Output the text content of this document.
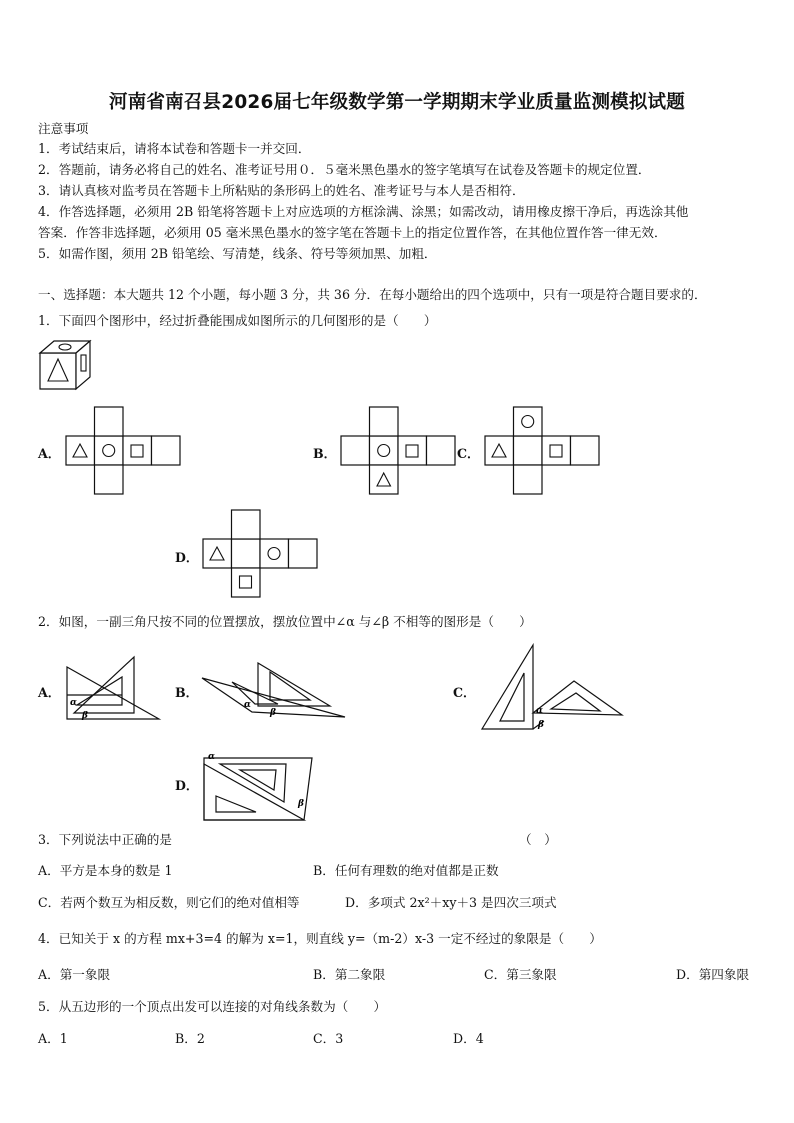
河南省南召县2026届七年级数学第一学期期末学业质量监测模拟试题
注意事项
1．考试结束后，请将本试卷和答题卡一并交回．
2．答题前，请务必将自己的姓名、准考证号用０．５毫米黑色墨水的签字笔填写在试卷及答题卡的规定位置．
3．请认真核对监考员在答题卡上所粘贴的条形码上的姓名、准考证号与本人是否相符．
4．作答选择题，必须用 2B 铅笔将答题卡上对应选项的方框涂满、涂黑；如需改动，请用橡皮擦干净后，再选涂其他
答案．作答非选择题，必须用 05 毫米黑色墨水的签字笔在答题卡上的指定位置作答，在其他位置作答一律无效．
5．如需作图，须用 2B 铅笔绘、写清楚，线条、符号等须加黑、加粗．
一、选择题：本大题共 12 个小题，每小题 3 分，共 36 分．在每小题给出的四个选项中，只有一项是符合题目要求的．
1．下面四个图形中，经过折叠能围成如图所示的几何图形的是（　　）
A．	B．	C．
D．
2．如图，一副三角尺按不同的位置摆放，摆放位置中∠α 与∠β 不相等的图形是（　　）
A．
α
β
B．
α
β
C．
α
β
D．
α
β
3．下列说法中正确的是	（　）
A．平方是本身的数是 1	B．任何有理数的绝对值都是正数
C．若两个数互为相反数，则它们的绝对值相等	D．多项式 2x²＋xy＋3 是四次三项式
4．已知关于 x 的方程 mx+3=4 的解为 x=1，则直线 y=（m-2）x-3 一定不经过的象限是（　　）
A．第一象限	B．第二象限	C．第三象限	D．第四象限
5．从五边形的一个顶点出发可以连接的对角线条数为（　　）
A．1	B．2	C．3	D．4
